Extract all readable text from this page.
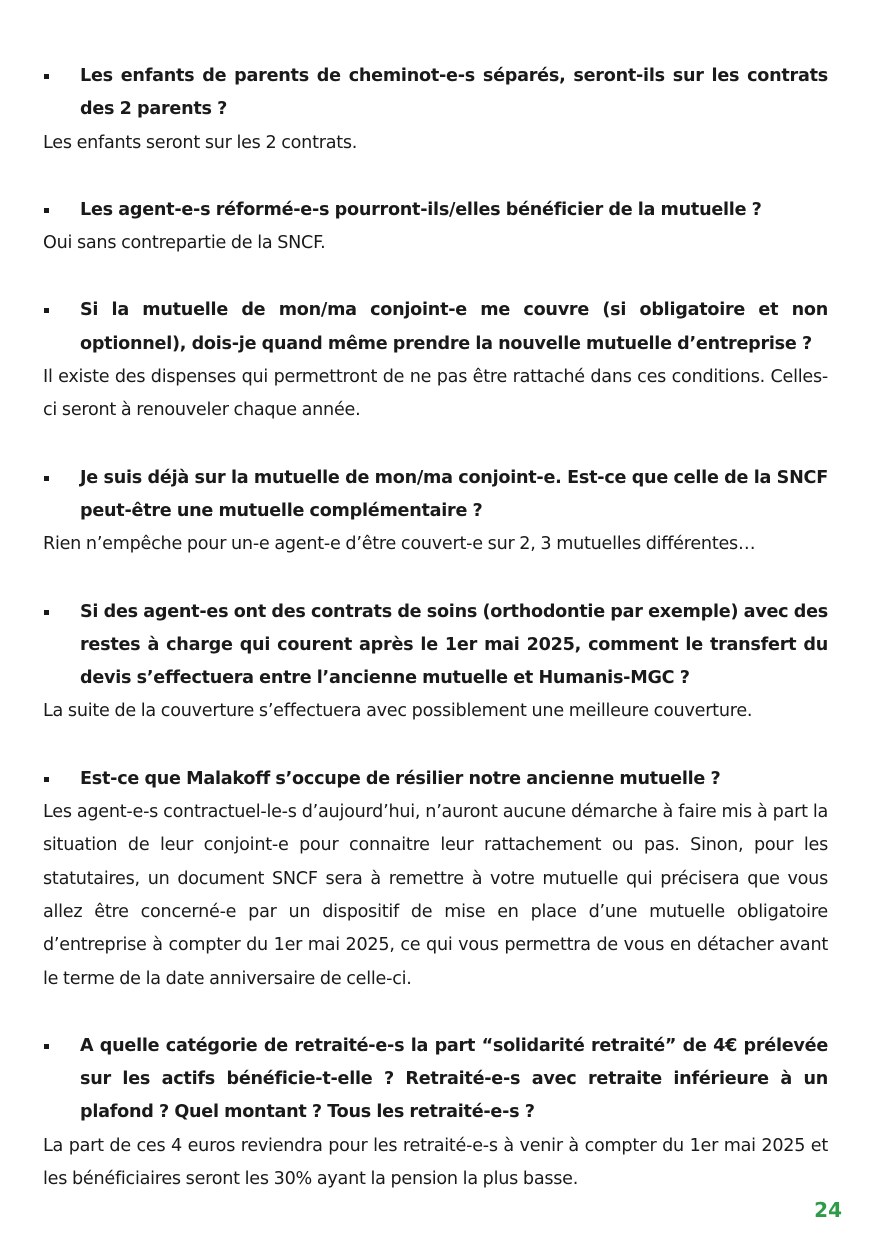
Les enfants de parents de cheminot-e-s séparés, seront-ils sur les contrats des 2 parents ?
Les enfants seront sur les 2 contrats.
Les agent-e-s réformé-e-s pourront-ils/elles bénéficier de la mutuelle ?
Oui sans contrepartie de la SNCF.
Si la mutuelle de mon/ma conjoint-e me couvre (si obligatoire et non optionnel), dois-je quand même prendre la nouvelle mutuelle d’entreprise ?
Il existe des dispenses qui permettront de ne pas être rattaché dans ces conditions. Celles-ci seront à renouveler chaque année.
Je suis déjà sur la mutuelle de mon/ma conjoint-e. Est-ce que celle de la SNCF peut-être une mutuelle complémentaire ?
Rien n’empêche pour un-e agent-e d’être couvert-e sur 2, 3 mutuelles différentes…
Si des agent-es ont des contrats de soins (orthodontie par exemple) avec des restes à charge qui courent après le 1er mai 2025, comment le transfert du devis s’effectuera entre l’ancienne mutuelle et Humanis-MGC ?
La suite de la couverture s’effectuera avec possiblement une meilleure couverture.
Est-ce que Malakoff s’occupe de résilier notre ancienne mutuelle ?
Les agent-e-s contractuel-le-s d’aujourd’hui, n’auront aucune démarche à faire mis à part la situation de leur conjoint-e pour connaitre leur rattachement ou pas. Sinon, pour les statutaires, un document SNCF sera à remettre à votre mutuelle qui précisera que vous allez être concerné-e par un dispositif de mise en place d’une mutuelle obligatoire d’entreprise à compter du 1er mai 2025, ce qui vous permettra de vous en détacher avant le terme de la date anniversaire de celle-ci.
A quelle catégorie de retraité-e-s la part “solidarité retraité” de 4€ prélevée sur les actifs bénéficie-t-elle ? Retraité-e-s avec retraite inférieure à un plafond ? Quel montant ? Tous les retraité-e-s ?
La part de ces 4 euros reviendra pour les retraité-e-s à venir à compter du 1er mai 2025 et les bénéficiaires seront les 30% ayant la pension la plus basse.
24
